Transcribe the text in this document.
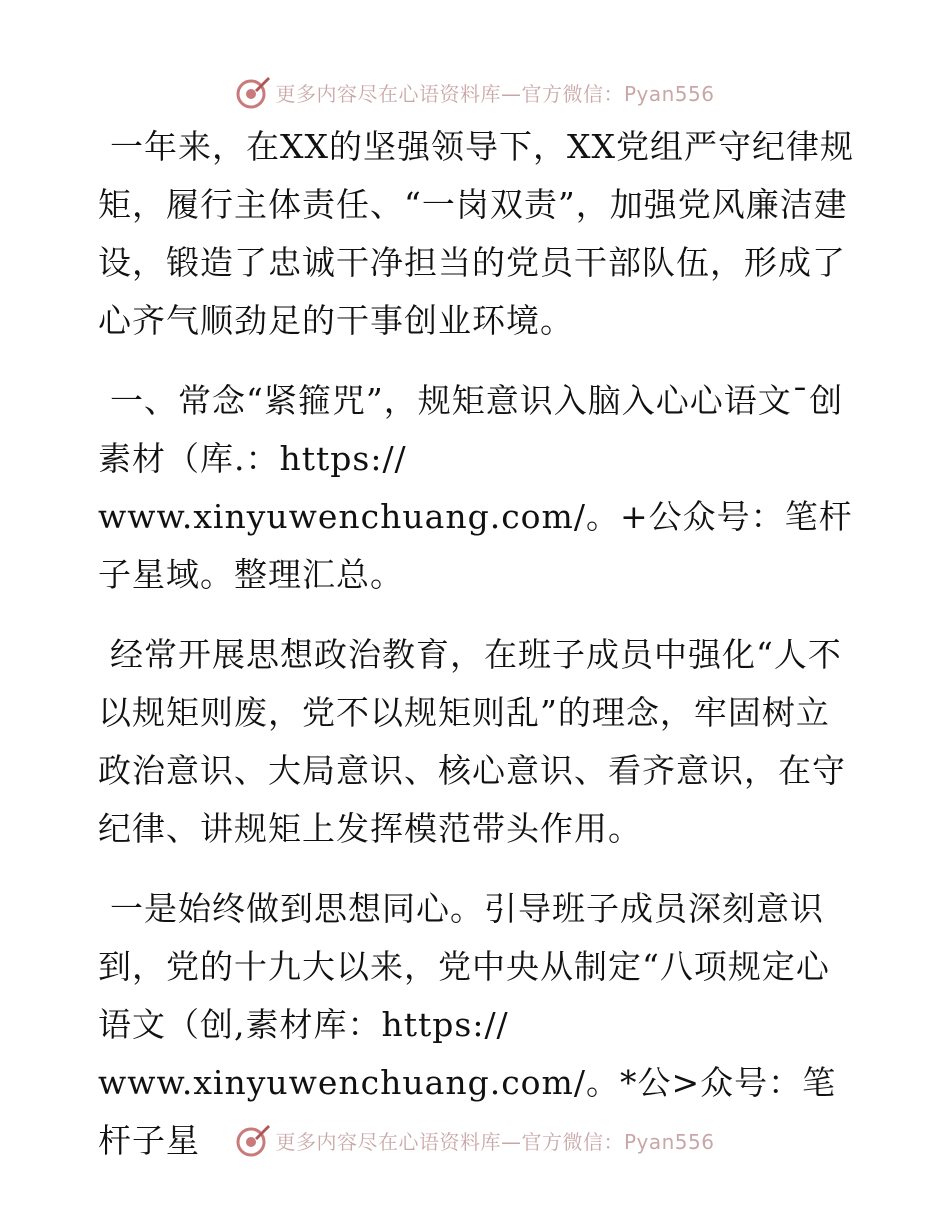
更多内容尽在心语资料库—官方微信：Pyan556

一年来，在XX的坚强领导下，XX党组严守纪律规矩，履行主体责任、“一岗双责”，加强党风廉洁建设，锻造了忠诚干净担当的党员干部队伍，形成了心齐气顺劲足的干事创业环境。

一、常念“紧箍咒”，规矩意识入脑入心心语文¯创素材（库.：https://
www.xinyuwenchuang.com/。+公众号：笔杆子星域。整理汇总。

经常开展思想政治教育，在班子成员中强化“人不以规矩则废，党不以规矩则乱”的理念，牢固树立政治意识、大局意识、核心意识、看齐意识，在守纪律、讲规矩上发挥模范带头作用。

一是始终做到思想同心。引导班子成员深刻意识到，党的十九大以来，党中央从制定“八项规定心语文（创,素材库：https://
www.xinyuwenchuang.com/。*公>众号：笔杆子星	更多内容尽在心语资料库—官方微信：Pyan556
